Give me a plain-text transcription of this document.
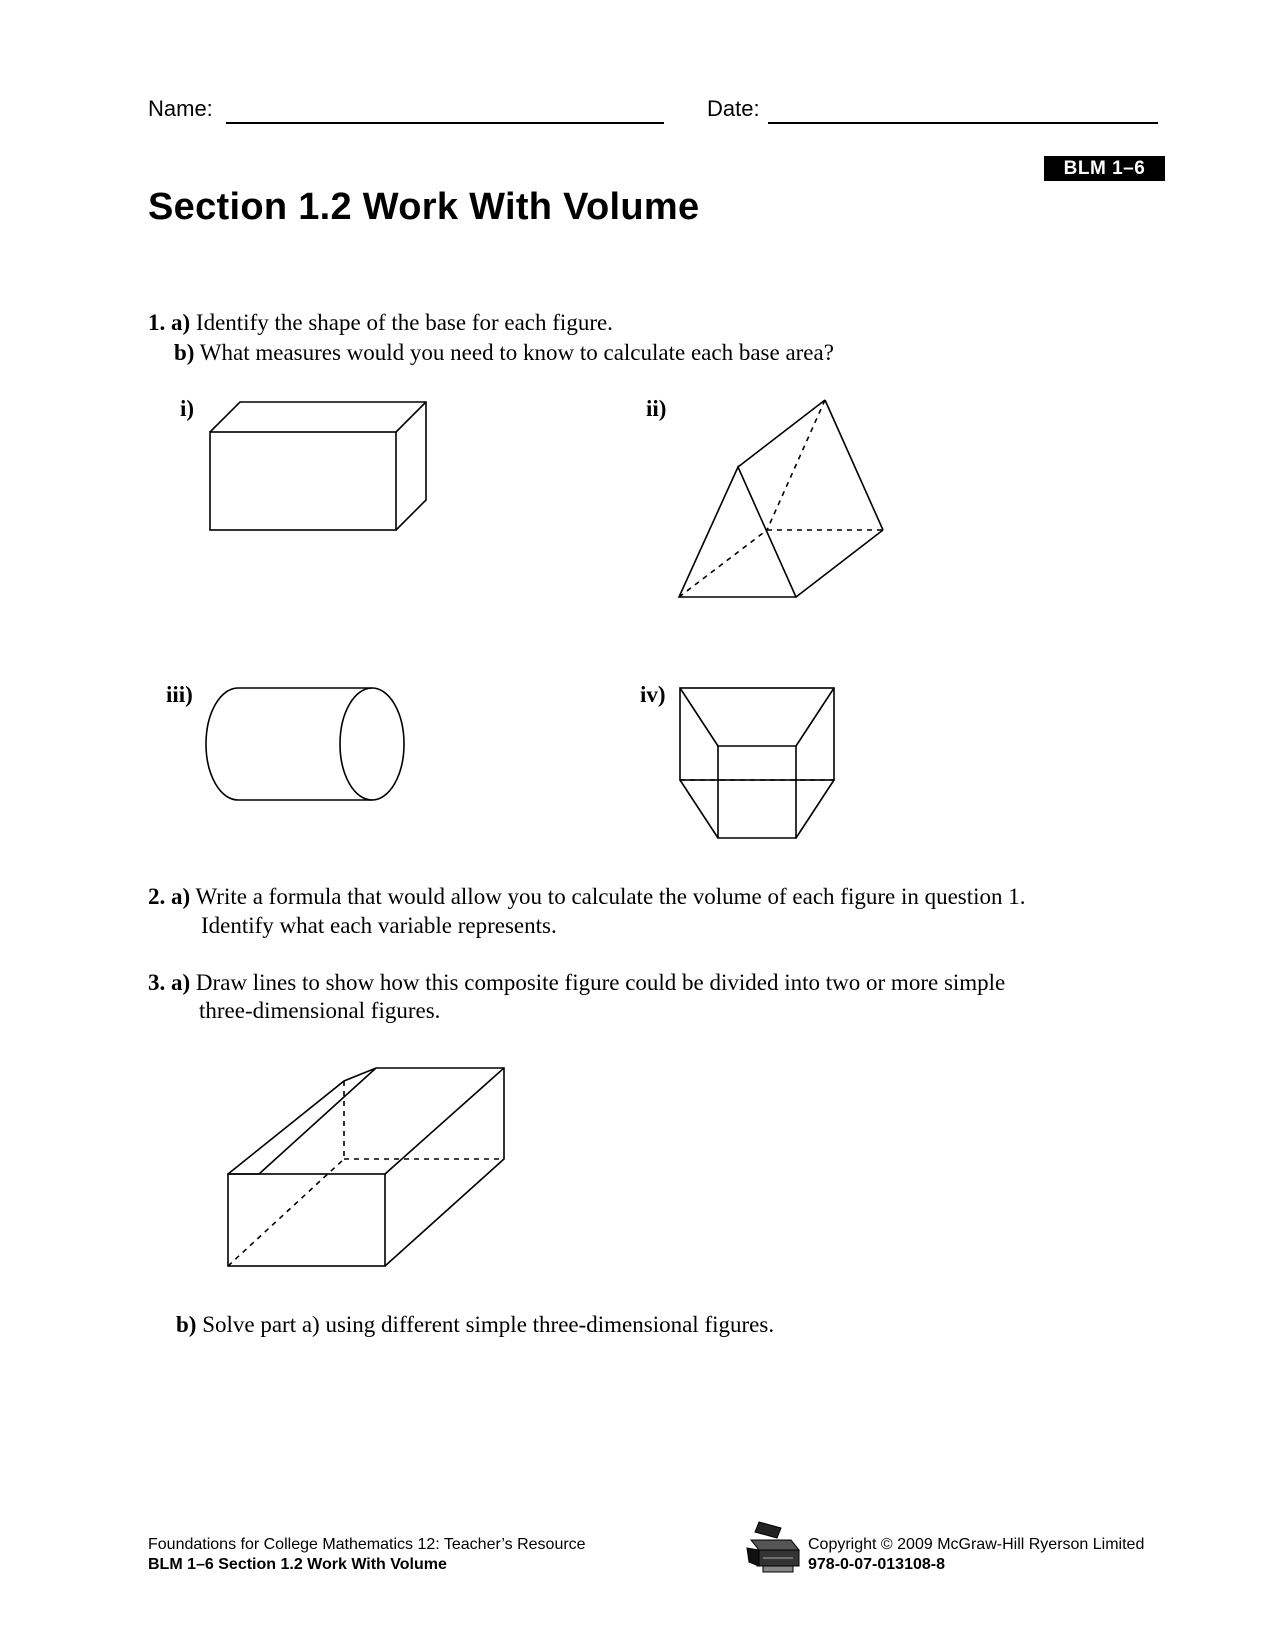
Name:	Date:
BLM 1–6
Section 1.2 Work With Volume
1. a) Identify the shape of the base for each figure.
b) What measures would you need to know to calculate each base area?
i)	ii)
iii)	iv)
2. a) Write a formula that would allow you to calculate the volume of each figure in question 1.
Identify what each variable represents.
3. a) Draw lines to show how this composite figure could be divided into two or more simple
three-dimensional figures.
b) Solve part a) using different simple three-dimensional figures.
Foundations for College Mathematics 12: Teacher’s Resource
BLM 1–6 Section 1.2 Work With Volume
Copyright © 2009 McGraw-Hill Ryerson Limited
978-0-07-013108-8
